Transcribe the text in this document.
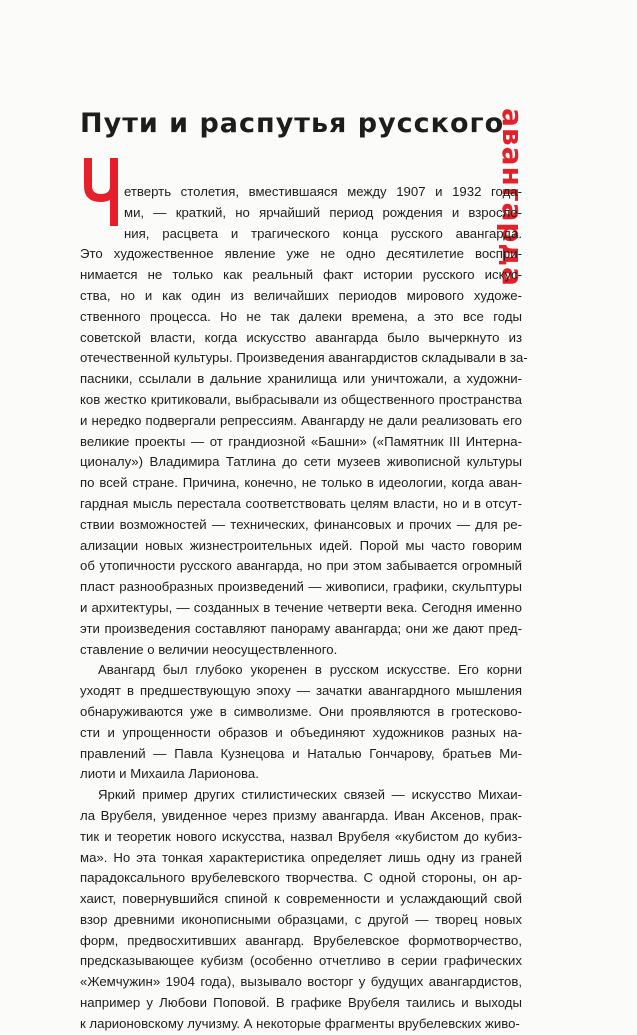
Пути и распутья русского
авангарда
етверть столетия, вместившаяся между 1907 и 1932 года-
ми, — краткий, но ярчайший период рождения и взросле-
ния, расцвета и трагического конца русского авангарда.
Это художественное явление уже не одно десятилетие воспри-
нимается не только как реальный факт истории русского искус-
ства, но и как один из величайших периодов мирового художе-
ственного процесса. Но не так далеки времена, а это все годы
советской власти, когда искусство авангарда было вычеркнуто из
отечественной культуры. Произведения авангардистов складывали в за-
пасники, ссылали в дальние хранилища или уничтожали, а художни-
ков жестко критиковали, выбрасывали из общественного пространства
и нередко подвергали репрессиям. Авангарду не дали реализовать его
великие проекты — от грандиозной «Башни» («Памятник III Интерна-
ционалу») Владимира Татлина до сети музеев живописной культуры
по всей стране. Причина, конечно, не только в идеологии, когда аван-
гардная мысль перестала соответствовать целям власти, но и в отсут-
ствии возможностей — технических, финансовых и прочих — для ре-
ализации новых жизнестроительных идей. Порой мы часто говорим
об утопичности русского авангарда, но при этом забывается огромный
пласт разнообразных произведений — живописи, графики, скульптуры
и архитектуры, — созданных в течение четверти века. Сегодня именно
эти произведения составляют панораму авангарда; они же дают пред-
ставление о величии неосуществленного.
Авангард был глубоко укоренен в русском искусстве. Его корни
уходят в предшествующую эпоху — зачатки авангардного мышления
обнаруживаются уже в символизме. Они проявляются в гротесково-
сти и упрощенности образов и объединяют художников разных на-
правлений — Павла Кузнецова и Наталью Гончарову, братьев Ми-
лиоти и Михаила Ларионова.
Яркий пример других стилистических связей — искусство Михаи-
ла Врубеля, увиденное через призму авангарда. Иван Аксенов, прак-
тик и теоретик нового искусства, назвал Врубеля «кубистом до кубиз-
ма». Но эта тонкая характеристика определяет лишь одну из граней
парадоксального врубелевского творчества. С одной стороны, он ар-
хаист, повернувшийся спиной к современности и услаждающий свой
взор древними иконописными образцами, с другой — творец новых
форм, предвосхитивших авангард. Врубелевское формотворчество,
предсказывающее кубизм (особенно отчетливо в серии графических
«Жемчужин» 1904 года), вызывало восторг у будущих авангардистов,
например у Любови Поповой. В графике Врубеля таились и выходы
к ларионовскому лучизму. А некоторые фрагменты врубелевских живо-
